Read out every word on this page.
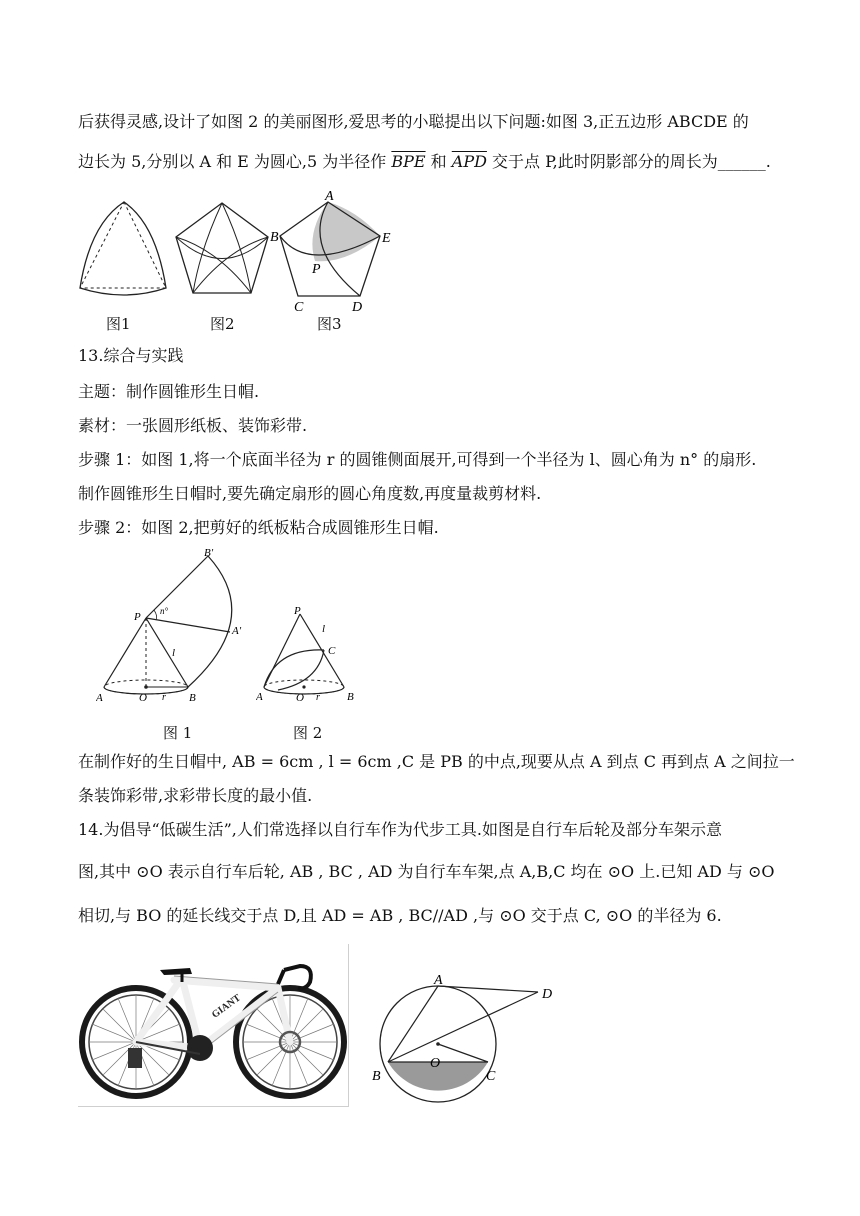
后获得灵感,设计了如图 2 的美丽图形,爱思考的小聪提出以下问题:如图 3,正五边形 ABCDE 的
边长为 5,分别以 A 和 E 为圆心,5 为半径作 $\overline{BPE}$ 和 $\overline{APD}$ 交于点 P,此时阴影部分的周长为______.
图1	图2
A
B
C	D
E
P
图3
13.综合与实践
主题：制作圆锥形生日帽.
素材：一张圆形纸板、装饰彩带.
步骤 1：如图 1,将一个底面半径为 r 的圆锥侧面展开,可得到一个半径为 l、圆心角为 n° 的扇形.
制作圆锥形生日帽时,要先确定扇形的圆心角度数,再度量裁剪材料.
步骤 2：如图 2,把剪好的纸板粘合成圆锥形生日帽.
P
A	B
O r
l
n°
A′
B′
图 1
P
A	B
O r
l
C
图 2
在制作好的生日帽中, AB = 6cm , l = 6cm ,C 是 PB 的中点,现要从点 A 到点 C 再到点 A 之间拉一
条装饰彩带,求彩带长度的最小值.
14.为倡导“低碳生活”,人们常选择以自行车作为代步工具.如图是自行车后轮及部分车架示意
图,其中 ⊙O 表示自行车后轮, AB , BC , AD 为自行车车架,点 A,B,C 均在 ⊙O 上.已知 AD 与 ⊙O
相切,与 BO 的延长线交于点 D,且 AD = AB , BC//AD ,与 ⊙O 交于点 C, ⊙O 的半径为 6.
GIANT
A
B	C
D
O
